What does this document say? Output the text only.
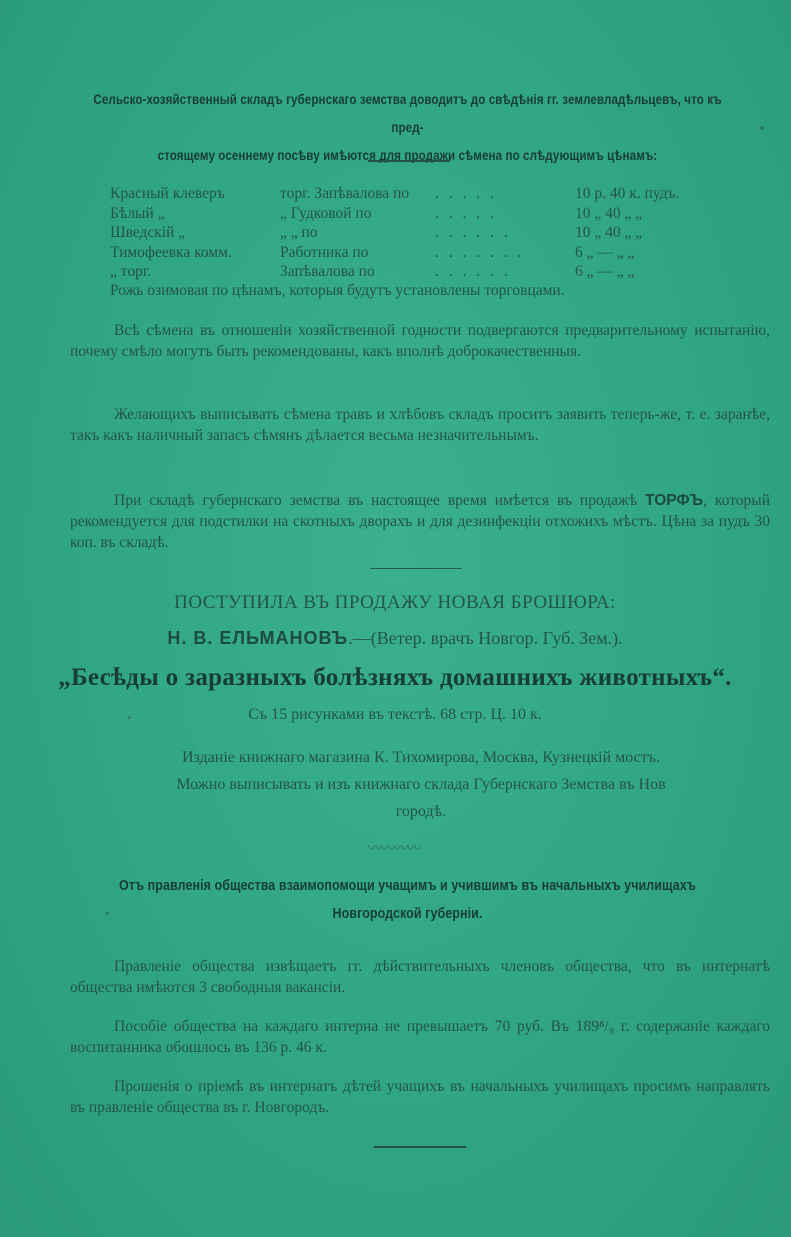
Сельско-хозяйственный складъ губернскаго земства доводитъ до свѣдѣнія гг. землевладѣльцевъ, что къ пред-
стоящему осеннему посѣву имѣются для продажи сѣмена по слѣдующимъ цѣнамъ:
Красный клеверъ	торг. Запѣвалова по	. . . . .	10 р. 40 к. пудъ.
Бѣлый „	„ Гудковой по	. . . . .	10 „ 40 „ „
Шведскій „	„ „ по	. . . . . .	10 „ 40 „ „
Тимофеевка комм.	Работника по	. . . . . . .	6 „ — „ „
„ торг.	Запѣвалова по	. . . . . .	6 „ — „ „
Рожь озимовая по цѣнамъ, которыя будутъ установлены торговцами.
Всѣ сѣмена въ отношеніи хозяйственной годности подвергаются предварительному испытанію, почему смѣло могутъ быть рекомендованы, какъ вполнѣ доброкачественныя.
Желающихъ выписывать сѣмена травъ и хлѣбовъ складъ проситъ заявить теперь-же, т. е. заранѣе, такъ какъ наличный запасъ сѣмянъ дѣлается весьма незначительнымъ.
При складѣ губернскаго земства въ настоящее время имѣется въ продажѣ ТОРФЪ, который рекомендуется для подстилки на скотныхъ дворахъ и для дезинфекціи отхожихъ мѣстъ. Цѣна за пудъ 30 коп. въ складѣ.
ПОСТУПИЛА ВЪ ПРОДАЖУ НОВАЯ БРОШЮРА:
Н. В. ЕЛЬМАНОВЪ.—(Ветер. врачъ Новгор. Губ. Зем.).
„Бесѣды о заразныхъ болѣзняхъ домашнихъ животныхъ“.
Съ 15 рисунками въ текстѣ. 68 стр. Ц. 10 к.
Изданіе книжнаго магазина К. Тихомирова, Москва, Кузнецкій мостъ.
Можно выписывать и изъ книжнаго склада Губернскаго Земства въ Нов
городѣ.
〰〰〰〰
Отъ правленія общества взаимопомощи учащимъ и учившимъ въ начальныхъ училищахъ
Новгородской губерніи.
Правленіе общества извѣщаетъ гг. дѣйствительныхъ членовъ общества, что въ интернатѣ общества имѣются 3 свободныя вакансіи.
Пособіе общества на каждаго интерна не превышаетъ 70 руб. Въ 189⁸/₉ г. содержаніе каждаго воспитанника обошлось въ 136 р. 46 к.
Прошенія о пріемѣ въ интернатъ дѣтей учащихъ въ начальныхъ училищахъ просимъ направлять въ правленіе общества въ г. Новгородъ.
